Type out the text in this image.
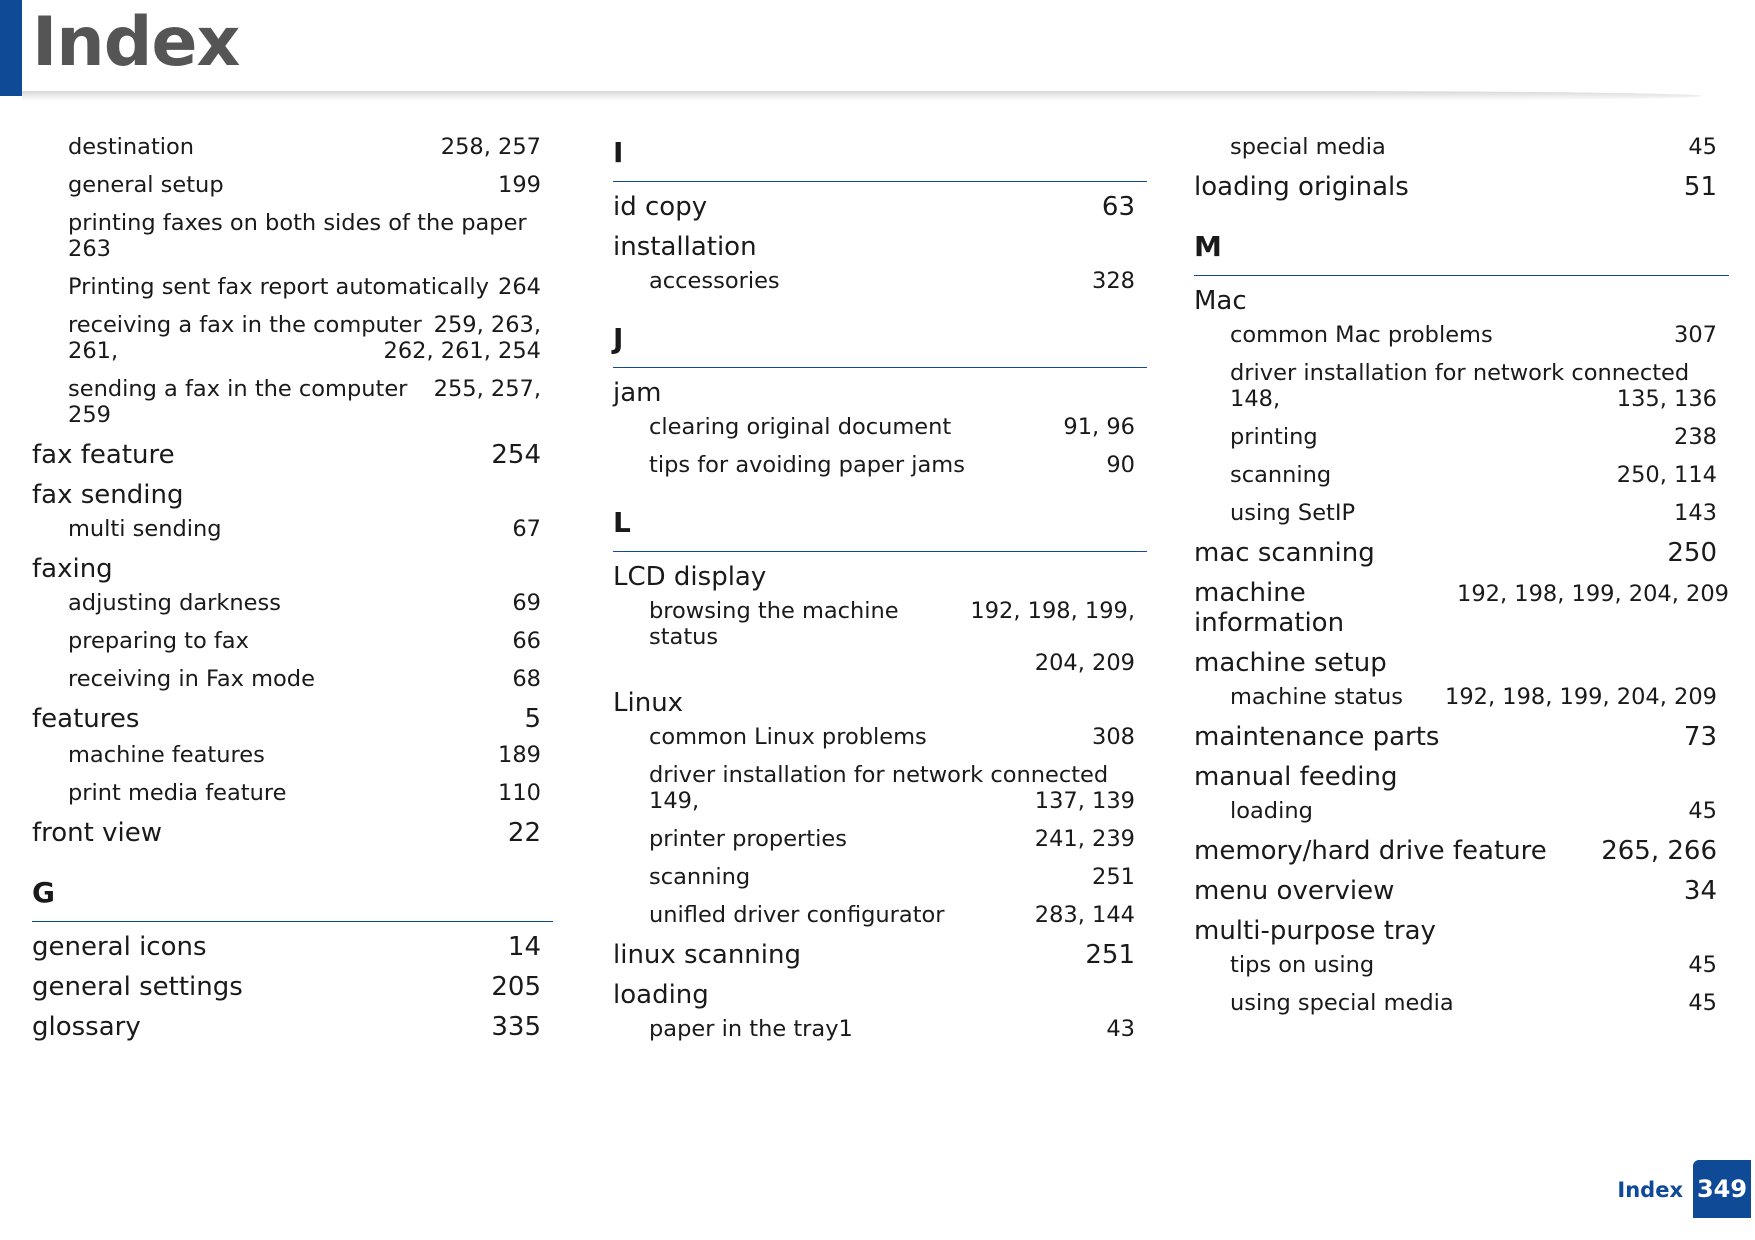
Index
destination	258, 257
general setup	199
printing faxes on both sides of the paper
263
Printing sent fax report automatically 264
receiving a fax in the computer 259, 263,
261,	262, 261, 254
sending a fax in the computer 255, 257,
259
fax feature	254
fax sending
multi sending	67
faxing
adjusting darkness	69
preparing to fax	66
receiving in Fax mode	68
features	5
machine features	189
print media feature	110
front view	22
G
general icons	14
general settings	205
glossary	335
I
id copy	63
installation
accessories	328
J
jam
clearing original document	91, 96
tips for avoiding paper jams	90
L
LCD display
browsing the machine status
192, 198, 199,
204, 209
Linux
common Linux problems	308
driver installation for network connected
149,	137, 139
printer properties	241, 239
scanning	251
unifled driver configurator	283, 144
linux scanning	251
loading
paper in the tray1	43
special media	45
loading originals	51
M
Mac
common Mac problems	307
driver installation for network connected
148,	135, 136
printing	238
scanning	250, 114
using SetIP	143
mac scanning	250
machine information
192, 198, 199, 204, 209
machine setup
machine status 192, 198, 199, 204, 209
maintenance parts	73
manual feeding
loading	45
memory/hard drive feature 265, 266
menu overview	34
multi-purpose tray
tips on using	45
using special media	45
Index 349
